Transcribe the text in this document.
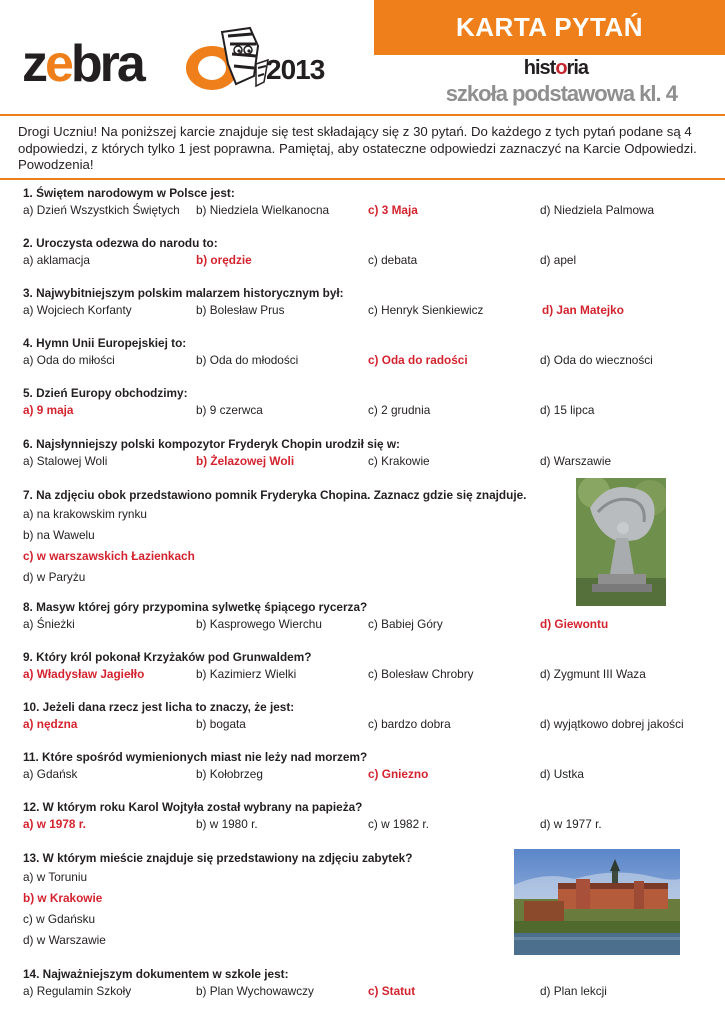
KARTA PYTAŃ
zebra	2013	historia
szkoła podstawowa kl. 4
Drogi Uczniu! Na poniższej karcie znajduje się test składający się z 30 pytań. Do każdego z tych pytań podane są 4 odpowiedzi, z których tylko 1 jest poprawna. Pamiętaj, aby ostateczne odpowiedzi zaznaczyć na Karcie Odpowiedzi. Powodzenia!
1. Świętem narodowym w Polsce jest:
a) Dzień Wszystkich Świętych b) Niedziela Wielkanocna	c) 3 Maja	d) Niedziela Palmowa
2. Uroczysta odezwa do narodu to:
a) aklamacja	b) orędzie	c) debata	d) apel
3. Najwybitniejszym polskim malarzem historycznym był:
a) Wojciech Korfanty	b) Bolesław Prus	c) Henryk Sienkiewicz	d) Jan Matejko
4. Hymn Unii Europejskiej to:
a) Oda do miłości	b) Oda do młodości	c) Oda do radości	d) Oda do wieczności
5. Dzień Europy obchodzimy:
a) 9 maja	b) 9 czerwca	c) 2 grudnia	d) 15 lipca
6. Najsłynniejszy polski kompozytor Fryderyk Chopin urodził się w:
a) Stalowej Woli	b) Żelazowej Woli	c) Krakowie	d) Warszawie
7. Na zdjęciu obok przedstawiono pomnik Fryderyka Chopina. Zaznacz gdzie się znajduje.
a) na krakowskim rynku
b) na Wawelu
c) w warszawskich Łazienkach
d) w Paryżu
8. Masyw której góry przypomina sylwetkę śpiącego rycerza?
a) Śnieżki	b) Kasprowego Wierchu	c) Babiej Góry	d) Giewontu
9. Który król pokonał Krzyżaków pod Grunwaldem?
a) Władysław Jagiełło	b) Kazimierz Wielki	c) Bolesław Chrobry	d) Zygmunt III Waza
10. Jeżeli dana rzecz jest licha to znaczy, że jest:
a) nędzna	b) bogata	c) bardzo dobra	d) wyjątkowo dobrej jakości
11. Które spośród wymienionych miast nie leży nad morzem?
a) Gdańsk	b) Kołobrzeg	c) Gniezno	d) Ustka
12. W którym roku Karol Wojtyła został wybrany na papieża?
a) w 1978 r.	b) w 1980 r.	c) w 1982 r.	d) w 1977 r.
13. W którym mieście znajduje się przedstawiony na zdjęciu zabytek?
a) w Toruniu
b) w Krakowie
c) w Gdańsku
d) w Warszawie
14. Najważniejszym dokumentem w szkole jest:
a) Regulamin Szkoły	b) Plan Wychowawczy	c) Statut	d) Plan lekcji
